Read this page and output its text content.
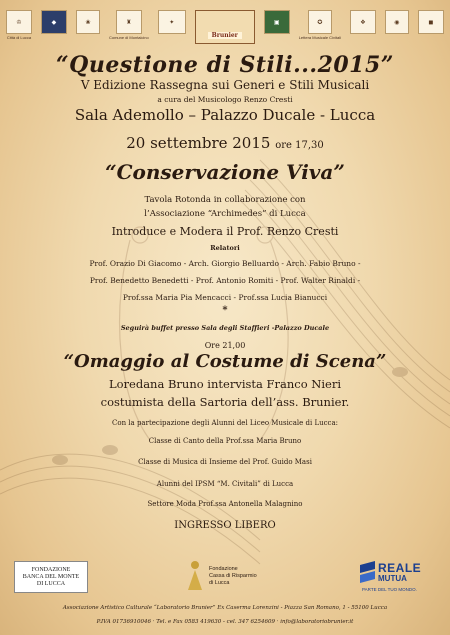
♔
Città di Lucca
◆	❀	♜
Comune di Montalcino
✦
Brunier
▣	✪
Lettera Musicale Civitali
❖	◉	◼
“Questione di Stili...2015”
V Edizione Rassegna sui Generi e Stili Musicali
a cura del Musicologo Renzo Cresti
Sala Ademollo – Palazzo Ducale - Lucca
20 settembre 2015 ore 17,30
“Conservazione Viva”
Tavola Rotonda in collaborazione con
l’Associazione “Archimedes” di Lucca
Introduce e Modera il Prof. Renzo Cresti
Relatori
Prof. Orazio Di Giacomo - Arch. Giorgio Belluardo - Arch. Fabio Bruno -
Prof. Benedetto Benedetti - Prof. Antonio Romiti - Prof. Walter Rinaldi -
Prof.ssa Maria Pia Mencacci - Prof.ssa Lucia Bianucci
*
Seguirà buffet presso Sala degli Staffieri -Palazzo Ducale
Ore 21,00
“Omaggio al Costume di Scena”
Loredana Bruno intervista Franco Nieri
costumista della Sartoria dell’ass. Brunier.
Con la partecipazione degli Alunni del Liceo Musicale di Lucca:
Classe di Canto della Prof.ssa Maria Bruno
Classe di Musica di Insieme del Prof. Guido Masi
Alunni del IPSM “M. Civitali” di Lucca
Settore Moda Prof.ssa Antonella Malagnino
INGRESSO LIBERO
FONDAZIONE
BANCA DEL MONTE
DI LUCCA
Fondazione
Cassa di Risparmio
di Lucca
REALE
MUTUA
PARTE DEL TUO MONDO.
Associazione Artistico Culturale “Laboratorio Brunier” Ex Caserma Lorenzini - Piazza San Romano, 1 - 55100 Lucca
P.IVA 01736910046 · Tel. e Fax 0583 419630 - cel. 347 6254609 · info@laboratoriobrunier.it
